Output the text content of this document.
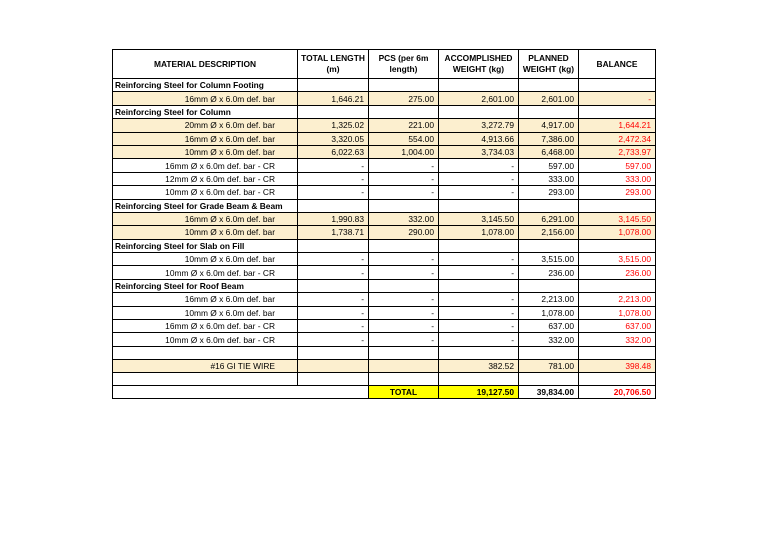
MATERIAL DESCRIPTION	TOTAL LENGTH (m)	PCS (per 6m length)	ACCOMPLISHED WEIGHT (kg)	PLANNED WEIGHT (kg)	BALANCE
Reinforcing Steel for Column Footing					
16mm Ø x 6.0m def. bar	1,646.21	275.00	2,601.00	2,601.00	-
Reinforcing Steel for Column					
20mm Ø x 6.0m def. bar	1,325.02	221.00	3,272.79	4,917.00	1,644.21
16mm Ø x 6.0m def. bar	3,320.05	554.00	4,913.66	7,386.00	2,472.34
10mm Ø x 6.0m def. bar	6,022.63	1,004.00	3,734.03	6,468.00	2,733.97
16mm Ø x 6.0m def. bar - CR	-	-	-	597.00	597.00
12mm Ø x 6.0m def. bar - CR	-	-	-	333.00	333.00
10mm Ø x 6.0m def. bar - CR	-	-	-	293.00	293.00
Reinforcing Steel for Grade Beam & Beam					
16mm Ø x 6.0m def. bar	1,990.83	332.00	3,145.50	6,291.00	3,145.50
10mm Ø x 6.0m def. bar	1,738.71	290.00	1,078.00	2,156.00	1,078.00
Reinforcing Steel for Slab on Fill					
10mm Ø x 6.0m def. bar	-	-	-	3,515.00	3,515.00
10mm Ø x 6.0m def. bar - CR	-	-	-	236.00	236.00
Reinforcing Steel for Roof Beam					
16mm Ø x 6.0m def. bar	-	-	-	2,213.00	2,213.00
10mm Ø x 6.0m def. bar	-	-	-	1,078.00	1,078.00
16mm Ø x 6.0m def. bar - CR	-	-	-	637.00	637.00
10mm Ø x 6.0m def. bar - CR	-	-	-	332.00	332.00

#16 GI TIE WIRE			382.52	781.00	398.48

		TOTAL	19,127.50	39,834.00	20,706.50
